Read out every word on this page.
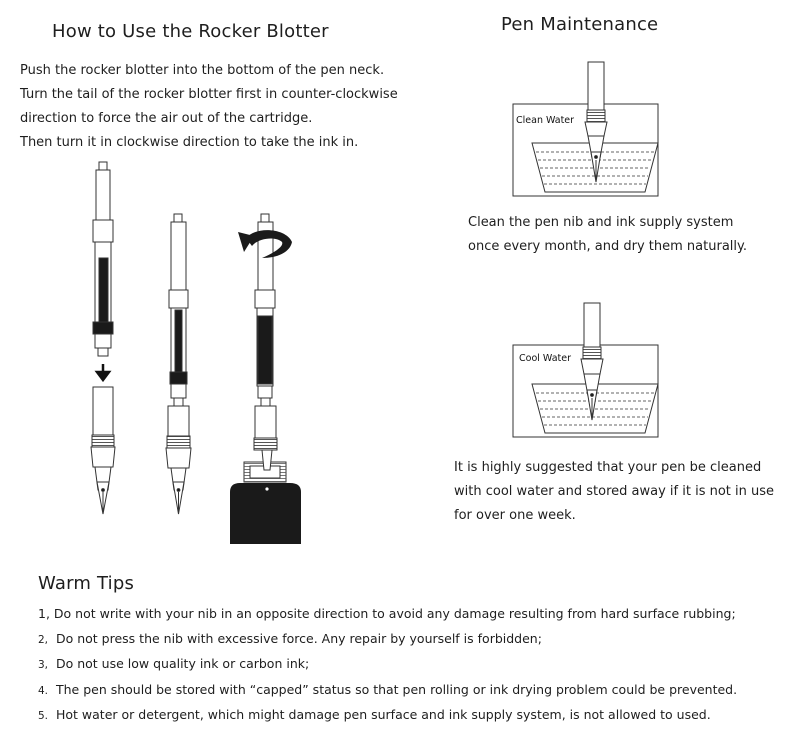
How to Use the Rocker Blotter
Push the rocker blotter into the bottom of the pen neck.
Turn the tail of the rocker blotter first in counter-clockwise
direction to force the air out of the cartridge.
Then turn it in clockwise direction to take the ink in.
Clean Water
Cool Water
Pen Maintenance
Clean the pen nib and ink supply system
once every month, and dry them naturally.
It is highly suggested that your pen be cleaned
with cool water and stored away if it is not in use
for over one week.
Warm Tips
1, Do not write with your nib in an opposite direction to avoid any damage resulting from hard surface rubbing;
2, Do not press the nib with excessive force. Any repair by yourself is forbidden;
3, Do not use low quality ink or carbon ink;
4. The pen should be stored with “capped” status so that pen rolling or ink drying problem could be prevented.
5. Hot water or detergent, which might damage pen surface and ink supply system, is not allowed to used.
